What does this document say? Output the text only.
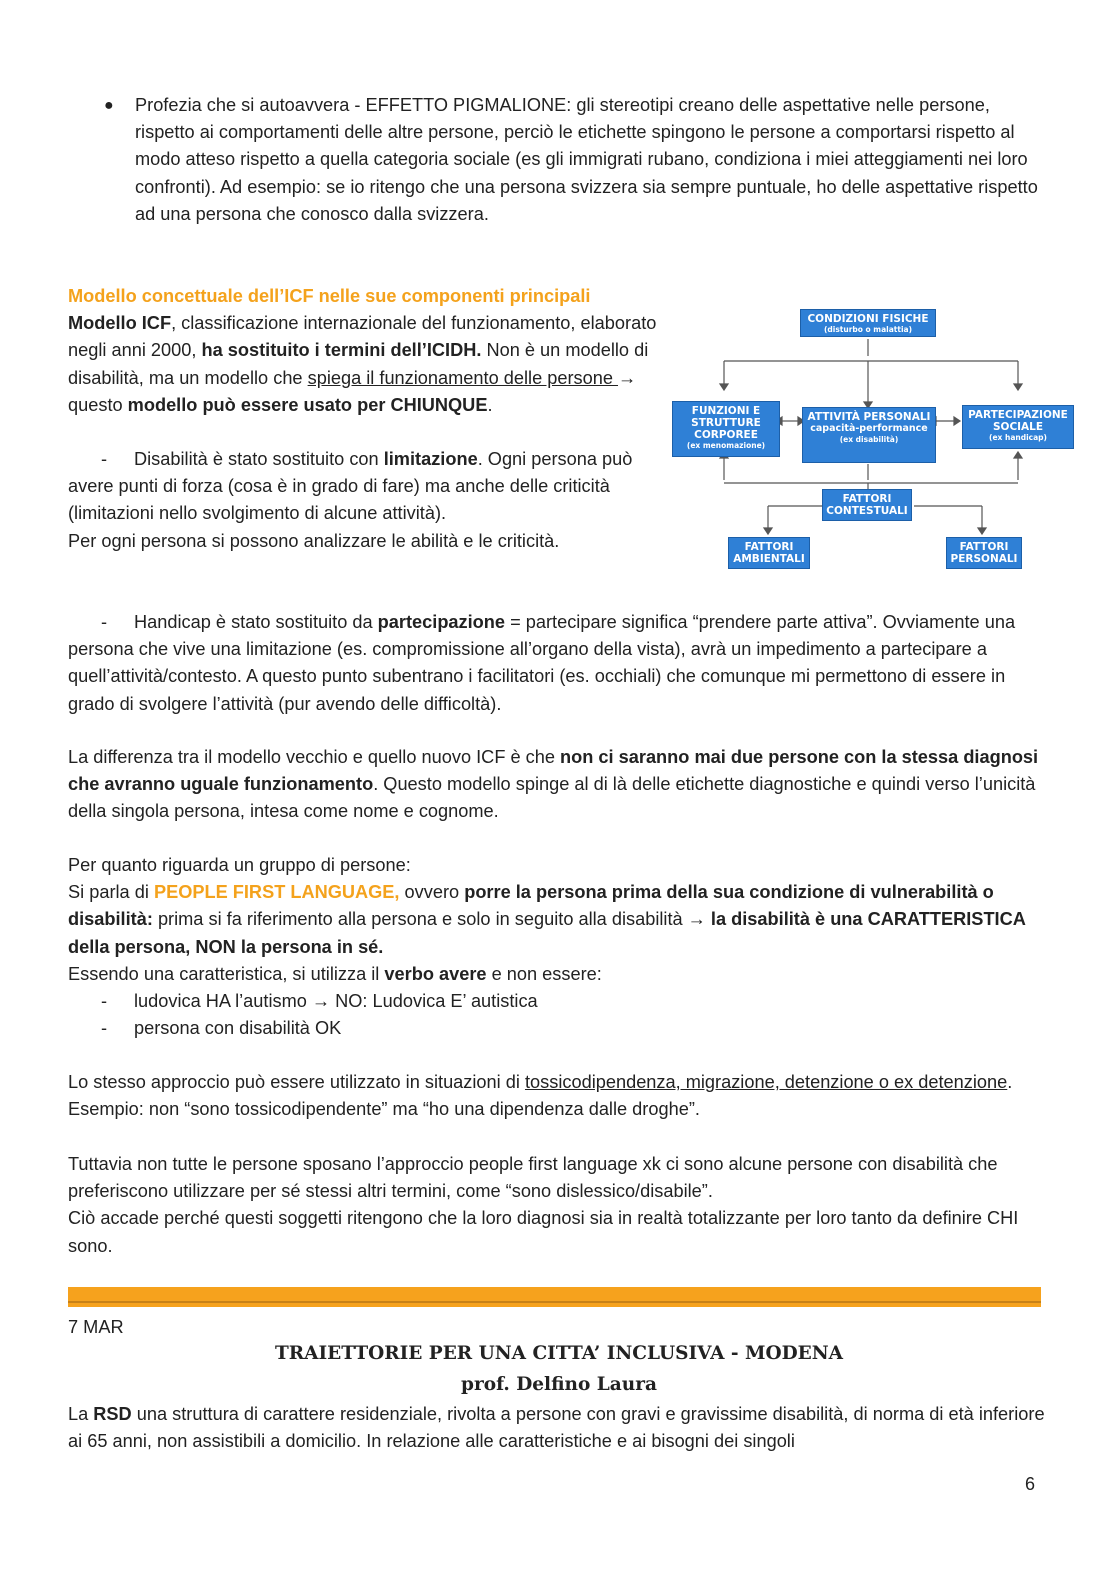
● Profezia che si autoavvera - EFFETTO PIGMALIONE: gli stereotipi creano delle aspettative nelle persone, rispetto ai comportamenti delle altre persone, perciò le etichette spingono le persone a comportarsi rispetto al modo atteso rispetto a quella categoria sociale (es gli immigrati rubano, condiziona i miei atteggiamenti nei loro confronti). Ad esempio: se io ritengo che una persona svizzera sia sempre puntuale, ho delle aspettative rispetto ad una persona che conosco dalla svizzera.
Modello concettuale dell’ICF nelle sue componenti principali
Modello ICF, classificazione internazionale del funzionamento, elaborato negli anni 2000, ha sostituito i termini dell’ICIDH. Non è un modello di disabilità, ma un modello che spiega il funzionamento delle persone → questo modello può essere usato per CHIUNQUE.
- Disabilità è stato sostituito con limitazione. Ogni persona può avere punti di forza (cosa è in grado di fare) ma anche delle criticità (limitazioni nello svolgimento di alcune attività).
Per ogni persona si possono analizzare le abilità e le criticità.
- Handicap è stato sostituito da partecipazione = partecipare significa “prendere parte attiva”. Ovviamente una persona che vive una limitazione (es. compromissione all’organo della vista), avrà un impedimento a partecipare a quell’attività/contesto. A questo punto subentrano i facilitatori (es. occhiali) che comunque mi permettono di essere in grado di svolgere l’attività (pur avendo delle difficoltà).
CONDIZIONI FISICHE
(disturbo o malattia)
FUNZIONI E STRUTTURE CORPOREE
(ex menomazione)
ATTIVITÀ PERSONALI
capacità-performance
(ex disabilità)
PARTECIPAZIONE SOCIALE
(ex handicap)
FATTORI CONTESTUALI
FATTORI AMBIENTALI
FATTORI PERSONALI
La differenza tra il modello vecchio e quello nuovo ICF è che non ci saranno mai due persone con la stessa diagnosi che avranno uguale funzionamento. Questo modello spinge al di là delle etichette diagnostiche e quindi verso l’unicità della singola persona, intesa come nome e cognome.
Per quanto riguarda un gruppo di persone:
Si parla di PEOPLE FIRST LANGUAGE, ovvero porre la persona prima della sua condizione di vulnerabilità o disabilità: prima si fa riferimento alla persona e solo in seguito alla disabilità → la disabilità è una CARATTERISTICA della persona, NON la persona in sé.
Essendo una caratteristica, si utilizza il verbo avere e non essere:
- ludovica HA l’autismo → NO: Ludovica E’ autistica
- persona con disabilità OK
Lo stesso approccio può essere utilizzato in situazioni di tossicodipendenza, migrazione, detenzione o ex detenzione. Esempio: non “sono tossicodipendente” ma “ho una dipendenza dalle droghe”.
Tuttavia non tutte le persone sposano l’approccio people first language xk ci sono alcune persone con disabilità che preferiscono utilizzare per sé stessi altri termini, come “sono dislessico/disabile”.
Ciò accade perché questi soggetti ritengono che la loro diagnosi sia in realtà totalizzante per loro tanto da definire CHI sono.
7 MAR
TRAIETTORIE PER UNA CITTA’ INCLUSIVA - MODENA
prof. Delfino Laura
La RSD una struttura di carattere residenziale, rivolta a persone con gravi e gravissime disabilità, di norma di età inferiore ai 65 anni, non assistibili a domicilio. In relazione alle caratteristiche e ai bisogni dei singoli
6
